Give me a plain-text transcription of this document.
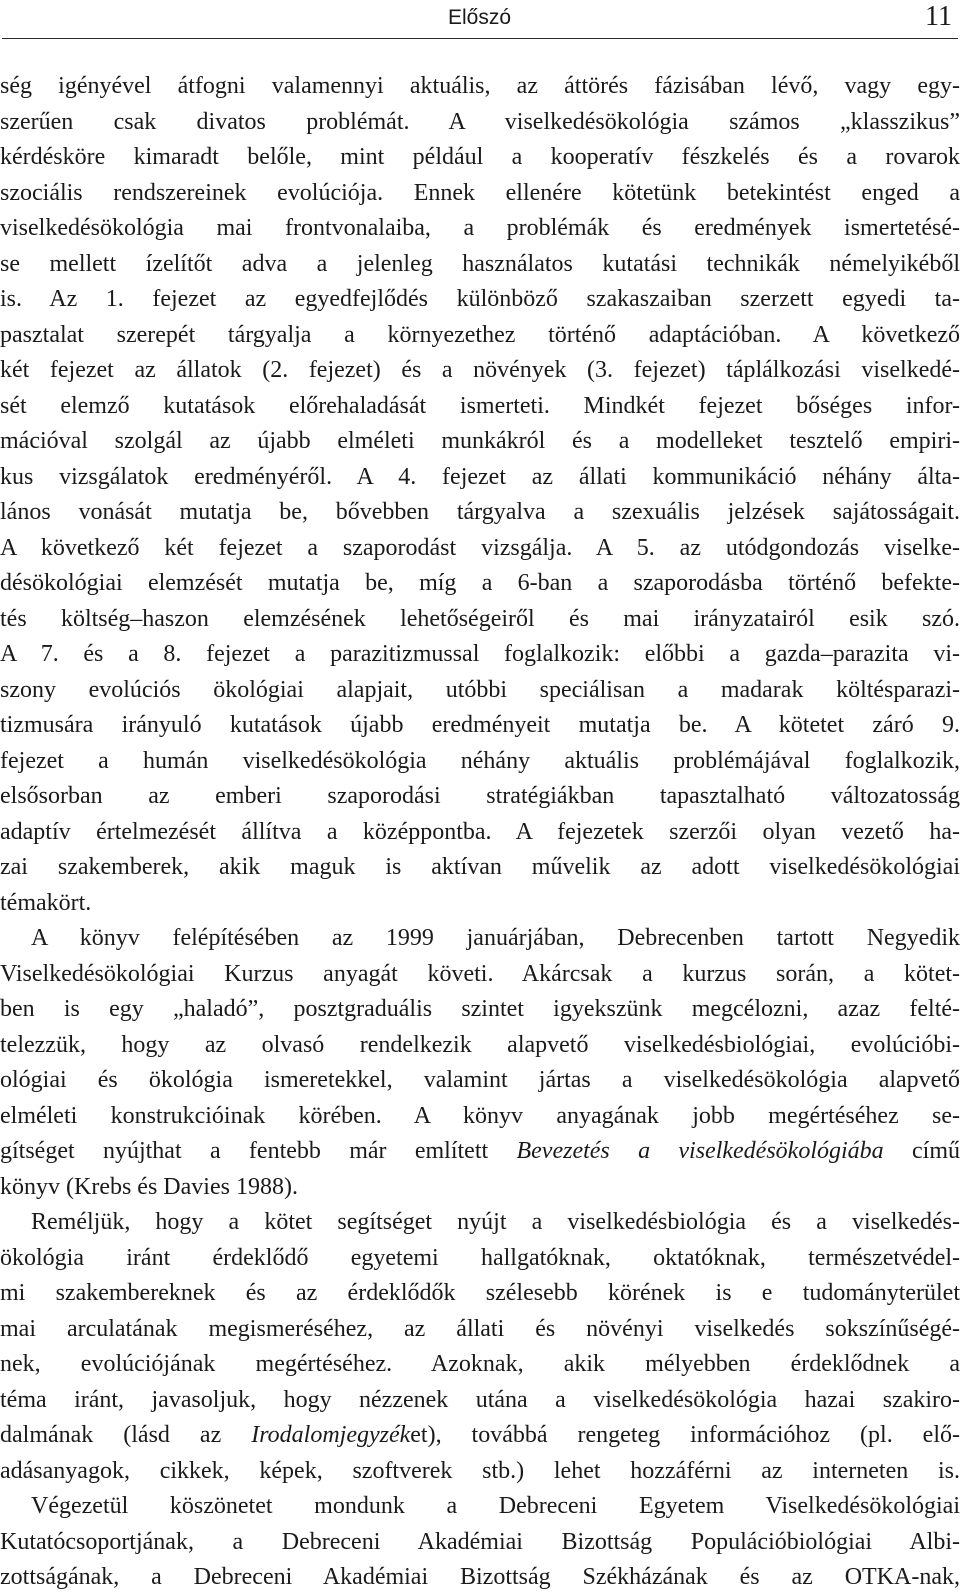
Előszó	11
ség igényével átfogni valamennyi aktuális, az áttörés fázisában lévő, vagy egy-
szerűen csak divatos problémát. A viselkedésökológia számos „klasszikus”
kérdésköre kimaradt belőle, mint például a kooperatív fészkelés és a rovarok
szociális rendszereinek evolúciója. Ennek ellenére kötetünk betekintést enged a
viselkedésökológia mai frontvonalaiba, a problémák és eredmények ismertetésé-
se mellett ízelítőt adva a jelenleg használatos kutatási technikák némelyikéből
is. Az 1. fejezet az egyedfejlődés különböző szakaszaiban szerzett egyedi ta-
pasztalat szerepét tárgyalja a környezethez történő adaptációban. A következő
két fejezet az állatok (2. fejezet) és a növények (3. fejezet) táplálkozási viselkedé-
sét elemző kutatások előrehaladását ismerteti. Mindkét fejezet bőséges infor-
mációval szolgál az újabb elméleti munkákról és a modelleket tesztelő empiri-
kus vizsgálatok eredményéről. A 4. fejezet az állati kommunikáció néhány álta-
lános vonását mutatja be, bővebben tárgyalva a szexuális jelzések sajátosságait.
A következő két fejezet a szaporodást vizsgálja. A 5. az utódgondozás viselke-
désökológiai elemzését mutatja be, míg a 6-ban a szaporodásba történő befekte-
tés költség–haszon elemzésének lehetőségeiről és mai irányzatairól esik szó.
A 7. és a 8. fejezet a parazitizmussal foglalkozik: előbbi a gazda–parazita vi-
szony evolúciós ökológiai alapjait, utóbbi speciálisan a madarak költésparazi-
tizmusára irányuló kutatások újabb eredményeit mutatja be. A kötetet záró 9.
fejezet a humán viselkedésökológia néhány aktuális problémájával foglalkozik,
elsősorban az emberi szaporodási stratégiákban tapasztalható változatosság
adaptív értelmezését állítva a középpontba. A fejezetek szerzői olyan vezető ha-
zai szakemberek, akik maguk is aktívan művelik az adott viselkedésökológiai
témakört.
A könyv felépítésében az 1999 januárjában, Debrecenben tartott Negyedik
Viselkedésökológiai Kurzus anyagát követi. Akárcsak a kurzus során, a kötet-
ben is egy „haladó”, posztgraduális szintet igyekszünk megcélozni, azaz felté-
telezzük, hogy az olvasó rendelkezik alapvető viselkedésbiológiai, evolúcióbi-
ológiai és ökológia ismeretekkel, valamint jártas a viselkedésökológia alapvető
elméleti konstrukcióinak körében. A könyv anyagának jobb megértéséhez se-
gítséget nyújthat a fentebb már említett Bevezetés a viselkedésökológiába című
könyv (Krebs és Davies 1988).
Reméljük, hogy a kötet segítséget nyújt a viselkedésbiológia és a viselkedés-
ökológia iránt érdeklődő egyetemi hallgatóknak, oktatóknak, természetvédel-
mi szakembereknek és az érdeklődők szélesebb körének is e tudományterület
mai arculatának megismeréséhez, az állati és növényi viselkedés sokszínűségé-
nek, evolúciójának megértéséhez. Azoknak, akik mélyebben érdeklődnek a
téma iránt, javasoljuk, hogy nézzenek utána a viselkedésökológia hazai szakiro-
dalmának (lásd az Irodalomjegyzéket), továbbá rengeteg információhoz (pl. elő-
adásanyagok, cikkek, képek, szoftverek stb.) lehet hozzáférni az interneten is.
Végezetül köszönetet mondunk a Debreceni Egyetem Viselkedésökológiai
Kutatócsoportjának, a Debreceni Akadémiai Bizottság Populációbiológiai Albi-
zottságának, a Debreceni Akadémiai Bizottság Székházának és az OTKA-nak,
